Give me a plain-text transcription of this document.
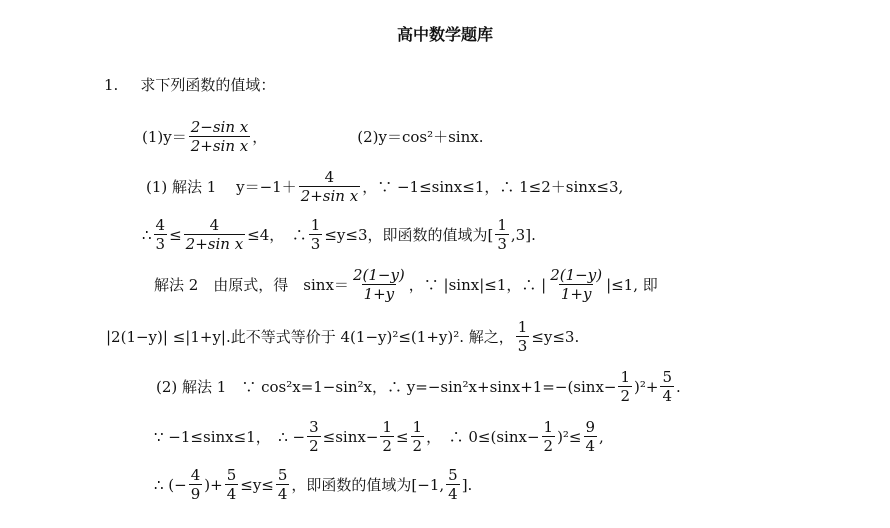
高中数学题库
1. 求下列函数的值域：
$(1)y= \frac{\text{2−sin x}}{\text{2+sin x}}$ ，	(2)y＝cos²＋sinx.
(1) 解法 1　 $y=-1+ \frac{4}{\text{2+sin x}}$ ，∵ −1≤sinx≤1，∴ 1≤2＋sinx≤3,
∴ $\frac{4}{3} \le \frac{4}{\text{2+sin x}} \le 4$，　∴ $\frac{1}{3} \le y\le 3$，即函数的值域为[ $\frac{1}{3} ,3$].
解法 2　由原式，得　$\sin x= \frac{2(1-y)}{1+y}$ ，∵ |sinx|≤1，∴ | $\frac{2(1-y)}{1+y} |\le 1$, 即
|2(1−y)| ≤|1+y|.此不等式等价于 4(1−y)²≤(1+y)². 解之， $\frac{1}{3} \le y\le 3$.
(2) 解法 1　∵ cos²x=1−sin²x，∴ $y=-\sin^2x+\sin x+1=-(\sin x- \frac{1}{2} )^2+ \frac{5}{4}$ .
∵ −1≤sinx≤1，　∴ − $\frac{3}{2} \le\sin x- \frac{1}{2} \le \frac{1}{2}$ ，　∴ $0\le(\sin x- \frac{1}{2} )^2\le \frac{9}{4}$ ,
∴ (− $\frac{4}{9}$ )+ $\frac{5}{4} \le y\le \frac{5}{4}$ ，即函数的值域为[−1, $\frac{5}{4}$ ].
